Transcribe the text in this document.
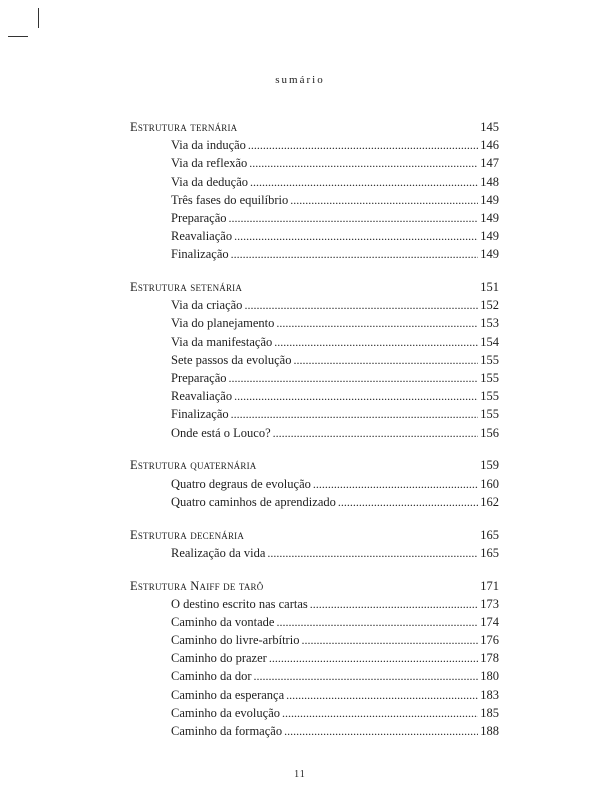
sumário
Estrutura ternária	145
Via da indução .....	146
Via da reflexão .....	147
Via da dedução .....	148
Três fases do equilíbrio .....	149
Preparação .....	149
Reavaliação .....	149
Finalização .....	149
Estrutura setenária	151
Via da criação .....	152
Via do planejamento .....	153
Via da manifestação .....	154
Sete passos da evolução .....	155
Preparação .....	155
Reavaliação .....	155
Finalização .....	155
Onde está o Louco? .....	156
Estrutura quaternária	159
Quatro degraus de evolução .....	160
Quatro caminhos de aprendizado .....	162
Estrutura decenária	165
Realização da vida .....	165
Estrutura Naiff de tarô	171
O destino escrito nas cartas .....	173
Caminho da vontade .....	174
Caminho do livre-arbítrio .....	176
Caminho do prazer .....	178
Caminho da dor .....	180
Caminho da esperança .....	183
Caminho da evolução .....	185
Caminho da formação .....	188
11
